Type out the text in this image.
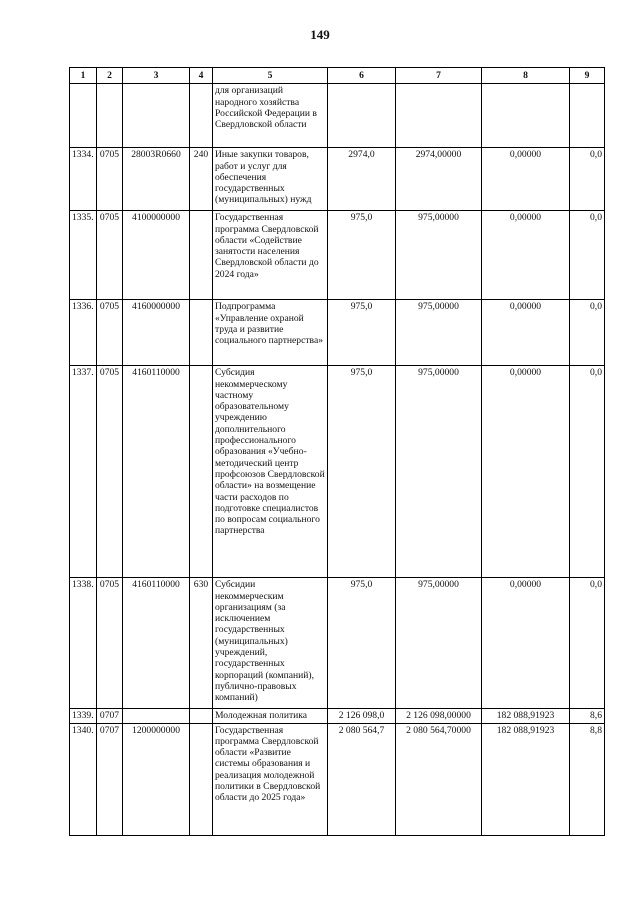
149
1	2	3	4	5	6	7	8	9
				для организаций народного хозяйства Российской Федерации в Свердловской области				
1334.	0705	28003R0660	240	Иные закупки товаров, работ и услуг для обеспечения государственных (муниципальных) нужд	2974,0	2974,00000	0,00000	0,0
1335.	0705	4100000000		Государственная программа Свердловской области «Содействие занятости населения Свердловской области до 2024 года»	975,0	975,00000	0,00000	0,0
1336.	0705	4160000000		Подпрограмма «Управление охраной труда и развитие социального партнерства»	975,0	975,00000	0,00000	0,0
1337.	0705	4160110000		Субсидия некоммерческому частному образовательному учреждению дополнительного профессионального образования «Учебно-методический центр профсоюзов Свердловской области» на возмещение части расходов по подготовке специалистов по вопросам социального партнерства	975,0	975,00000	0,00000	0,0
1338.	0705	4160110000	630	Субсидии некоммерческим организациям (за исключением государственных (муниципальных) учреждений, государственных корпораций (компаний), публично-правовых компаний)	975,0	975,00000	0,00000	0,0
1339.	0707			Молодежная политика	2 126 098,0	2 126 098,00000	182 088,91923	8,6
1340.	0707	1200000000		Государственная программа Свердловской области «Развитие системы образования и реализация молодежной политики в Свердловской области до 2025 года»	2 080 564,7	2 080 564,70000	182 088,91923	8,8
